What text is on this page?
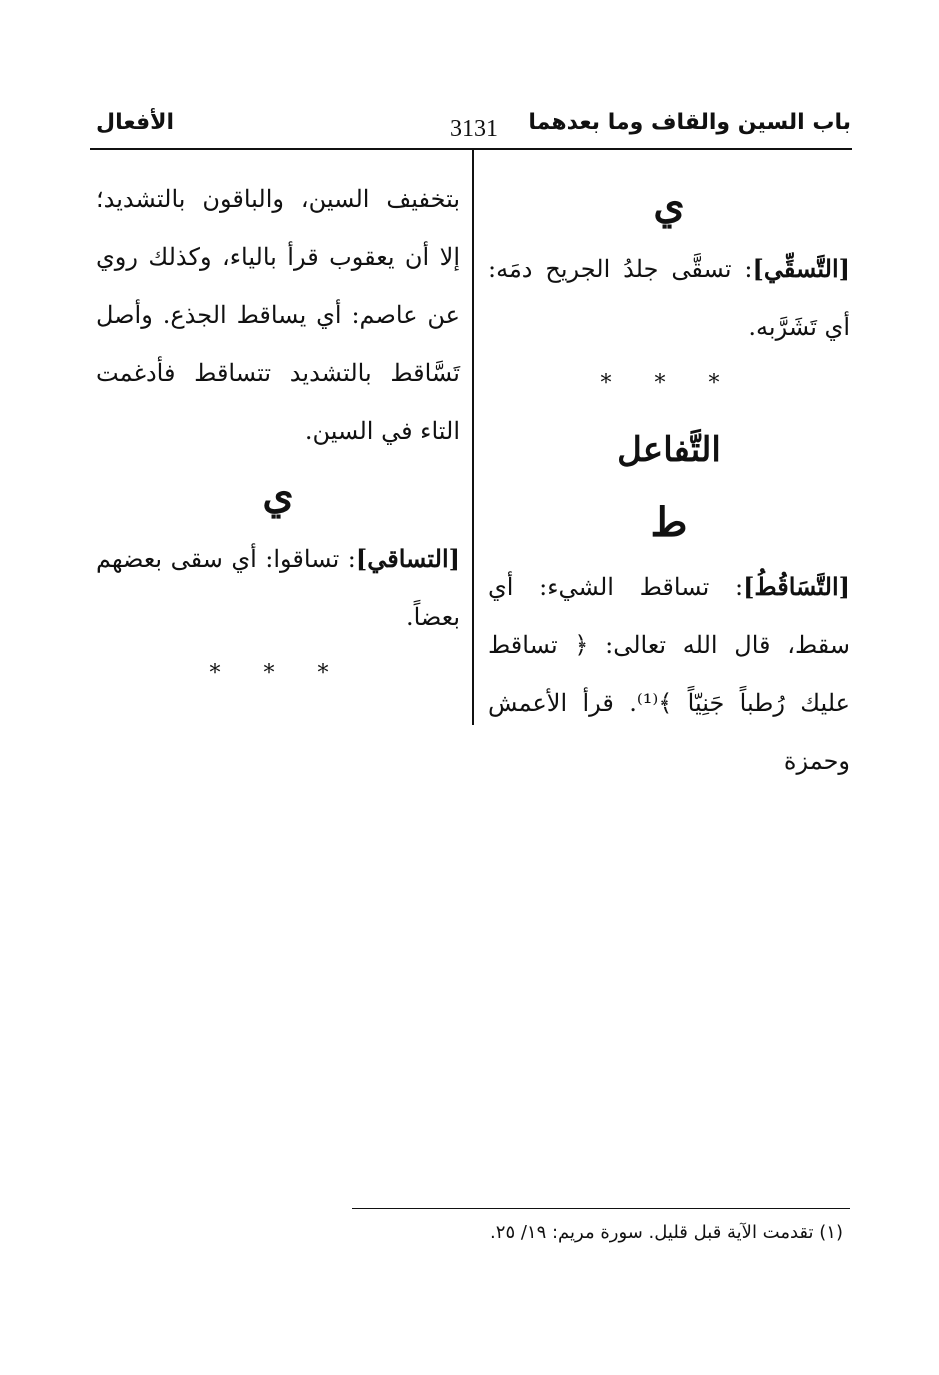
باب السين والقاف وما بعدهما
3131
الأفعال
ي

[التَّسقِّي]: تسقَّى جلدُ الجريح دمَه: أي تَشَرَّبه.

* * *
التَّفاعل
ط

[التَّسَاقُطُ]: تساقط الشيء: أي سقط، قال الله تعالى: ﴿ تساقط عليك رُطباً جَنِيّاً ﴾⁽¹⁾. قرأ الأعمش وحمزة

بتخفيف السين، والباقون بالتشديد؛ إلا أن يعقوب قرأ بالياء، وكذلك روي عن عاصم: أي يساقط الجذع. وأصل تَسَّاقط بالتشديد تتساقط فأدغمت التاء في السين.

ي

[التساقي]: تساقوا: أي سقى بعضهم بعضاً.

* * *
(١) تقدمت الآية قبل قليل. سورة مريم: ١٩/ ٢٥.
